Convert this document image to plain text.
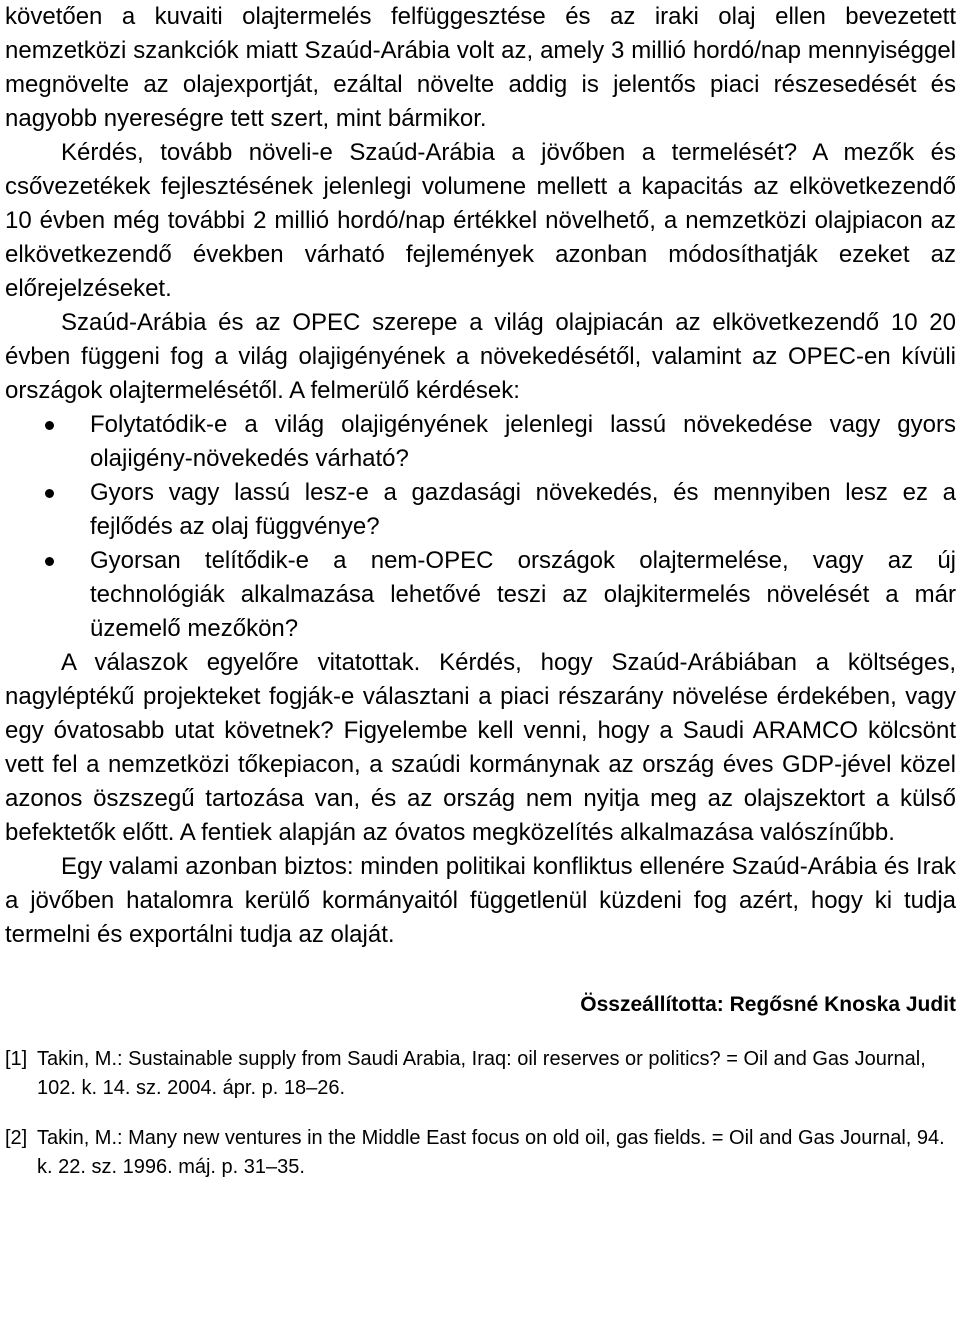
követően a kuvaiti olajtermelés felfüggesztése és az iraki olaj ellen bevezetett nemzetközi szankciók miatt Szaúd-Arábia volt az, amely 3 millió hordó/nap mennyiséggel megnövelte az olajexportját, ezáltal növelte addig is jelentős piaci részesedését és nagyobb nyereségre tett szert, mint bármikor.

Kérdés, tovább növeli-e Szaúd-Arábia a jövőben a termelését? A mezők és csővezetékek fejlesztésének jelenlegi volumene mellett a kapacitás az elkövetkezendő 10 évben még további 2 millió hordó/nap értékkel növelhető, a nemzetközi olajpiacon az elkövetkezendő években várható fejlemények azonban módosíthatják ezeket az előrejelzéseket.

Szaúd-Arábia és az OPEC szerepe a világ olajpiacán az elkövetkezendő 10 20 évben függeni fog a világ olajigényének a növekedésétől, valamint az OPEC-en kívüli országok olajtermelésétől. A felmerülő kérdések:

Folytatódik-e a világ olajigényének jelenlegi lassú növekedése vagy gyors olajigény-növekedés várható?
Gyors vagy lassú lesz-e a gazdasági növekedés, és mennyiben lesz ez a fejlődés az olaj függvénye?
Gyorsan telítődik-e a nem-OPEC országok olajtermelése, vagy az új technológiák alkalmazása lehetővé teszi az olajkitermelés növelését a már üzemelő mezőkön?

A válaszok egyelőre vitatottak. Kérdés, hogy Szaúd-Arábiában a költséges, nagyléptékű projekteket fogják-e választani a piaci részarány növelése érdekében, vagy egy óvatosabb utat követnek? Figyelembe kell venni, hogy a Saudi ARAMCO kölcsönt vett fel a nemzetközi tőkepiacon, a szaúdi kormánynak az ország éves GDP-jével közel azonos öszszegű tartozása van, és az ország nem nyitja meg az olajszektort a külső befektetők előtt. A fentiek alapján az óvatos megközelítés alkalmazása valószínűbb.

Egy valami azonban biztos: minden politikai konfliktus ellenére Szaúd-Arábia és Irak a jövőben hatalomra kerülő kormányaitól függetlenül küzdeni fog azért, hogy ki tudja termelni és exportálni tudja az olaját.

Összeállította: Regősné Knoska Judit

[1] Takin, M.: Sustainable supply from Saudi Arabia, Iraq: oil reserves or politics? = Oil and Gas Journal, 102. k. 14. sz. 2004. ápr. p. 18–26.
[2] Takin, M.: Many new ventures in the Middle East focus on old oil, gas fields. = Oil and Gas Journal, 94. k. 22. sz. 1996. máj. p. 31–35.
